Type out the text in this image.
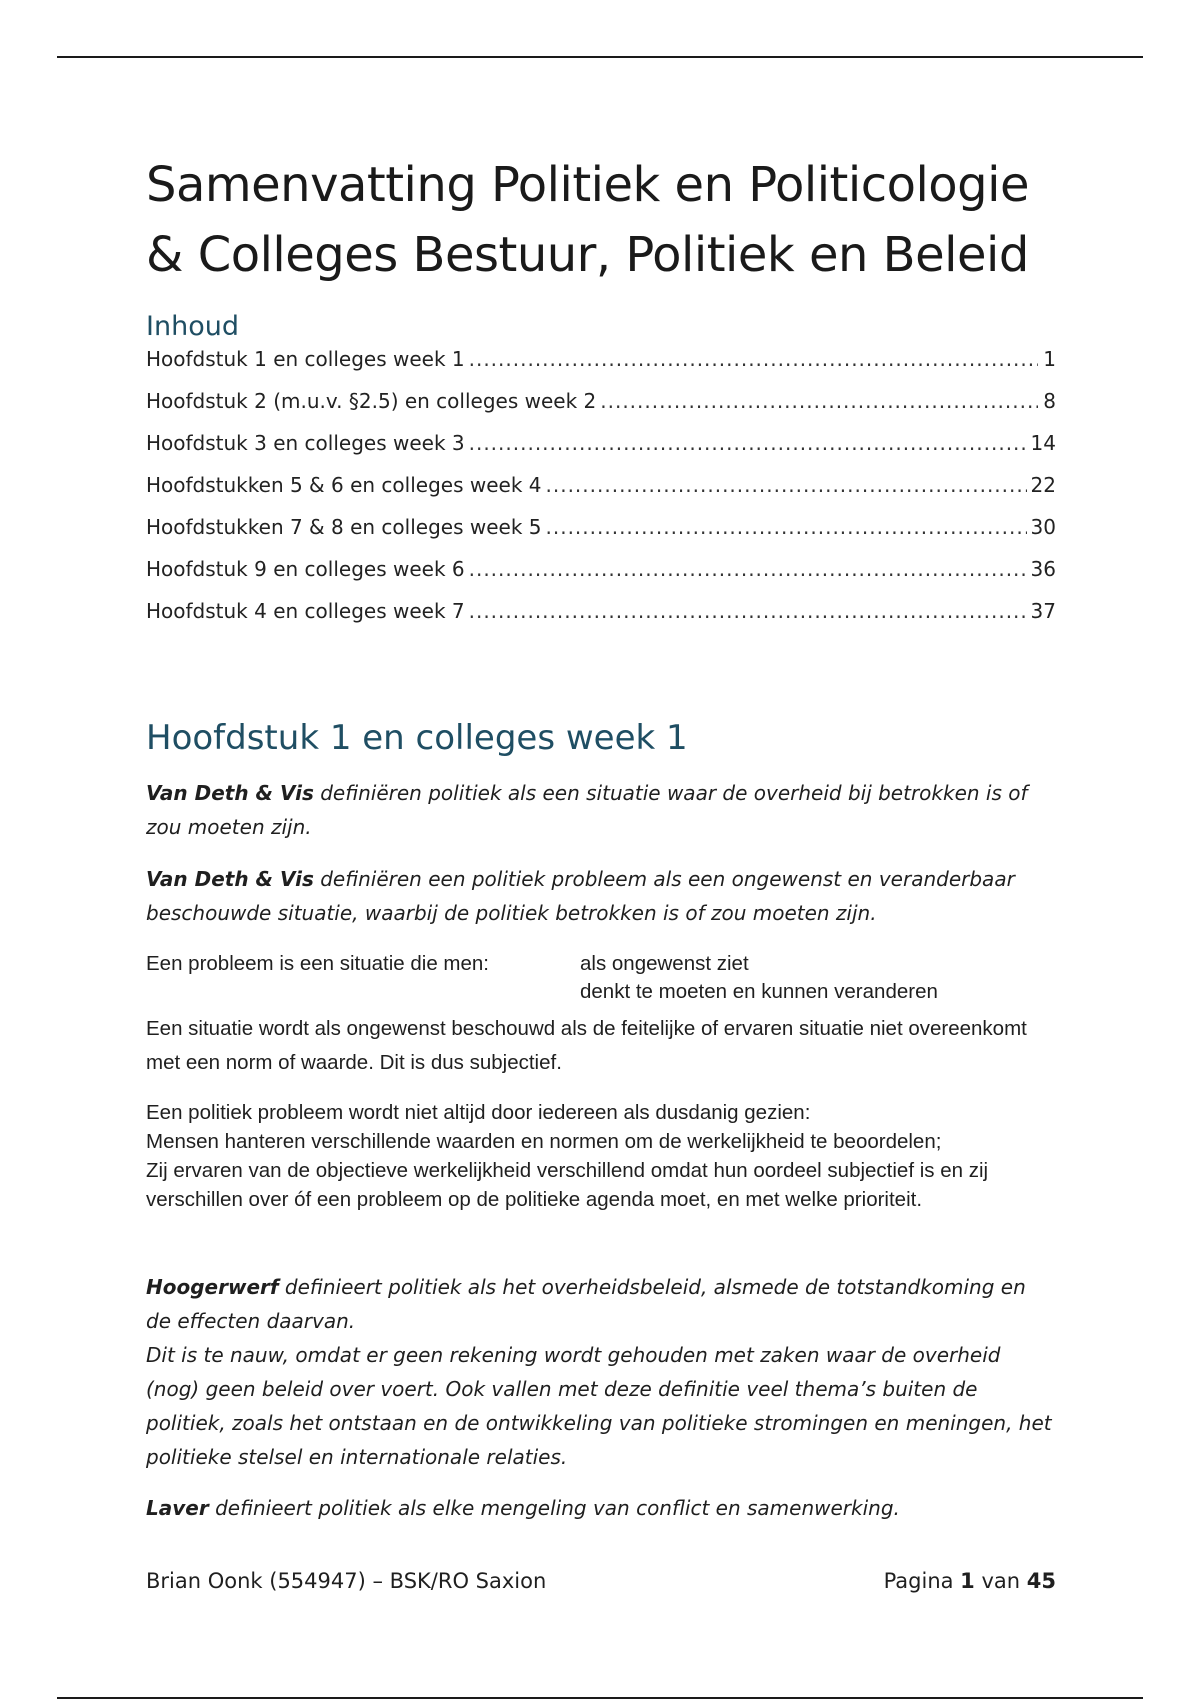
Samenvatting Politiek en Politicologie
& Colleges Bestuur, Politiek en Beleid
Inhoud
Hoofdstuk 1 en colleges week 1 .....	1
Hoofdstuk 2 (m.u.v. §2.5) en colleges week 2 .....	8
Hoofdstuk 3 en colleges week 3 .....	14
Hoofdstukken 5 & 6 en colleges week 4 .....	22
Hoofdstukken 7 & 8 en colleges week 5 .....	30
Hoofdstuk 9 en colleges week 6 .....	36
Hoofdstuk 4 en colleges week 7 .....	37
Hoofdstuk 1 en colleges week 1

Van Deth & Vis definiëren politiek als een situatie waar de overheid bij betrokken is of zou moeten zijn.

Van Deth & Vis definiëren een politiek probleem als een ongewenst en veranderbaar beschouwde situatie, waarbij de politiek betrokken is of zou moeten zijn.

Een probleem is een situatie die men:	als ongewenst ziet
denkt te moeten en kunnen veranderen

Een situatie wordt als ongewenst beschouwd als de feitelijke of ervaren situatie niet overeenkomt met een norm of waarde. Dit is dus subjectief.

Een politiek probleem wordt niet altijd door iedereen als dusdanig gezien:
Mensen hanteren verschillende waarden en normen om de werkelijkheid te beoordelen;
Zij ervaren van de objectieve werkelijkheid verschillend omdat hun oordeel subjectief is en zij verschillen over óf een probleem op de politieke agenda moet, en met welke prioriteit.
Hoogerwerf definieert politiek als het overheidsbeleid, alsmede de totstandkoming en de effecten daarvan.
Dit is te nauw, omdat er geen rekening wordt gehouden met zaken waar de overheid (nog) geen beleid over voert. Ook vallen met deze definitie veel thema’s buiten de politiek, zoals het ontstaan en de ontwikkeling van politieke stromingen en meningen, het politieke stelsel en internationale relaties.

Laver definieert politiek als elke mengeling van conflict en samenwerking.

Brian Oonk (554947) – BSK/RO Saxion	Pagina 1 van 45
